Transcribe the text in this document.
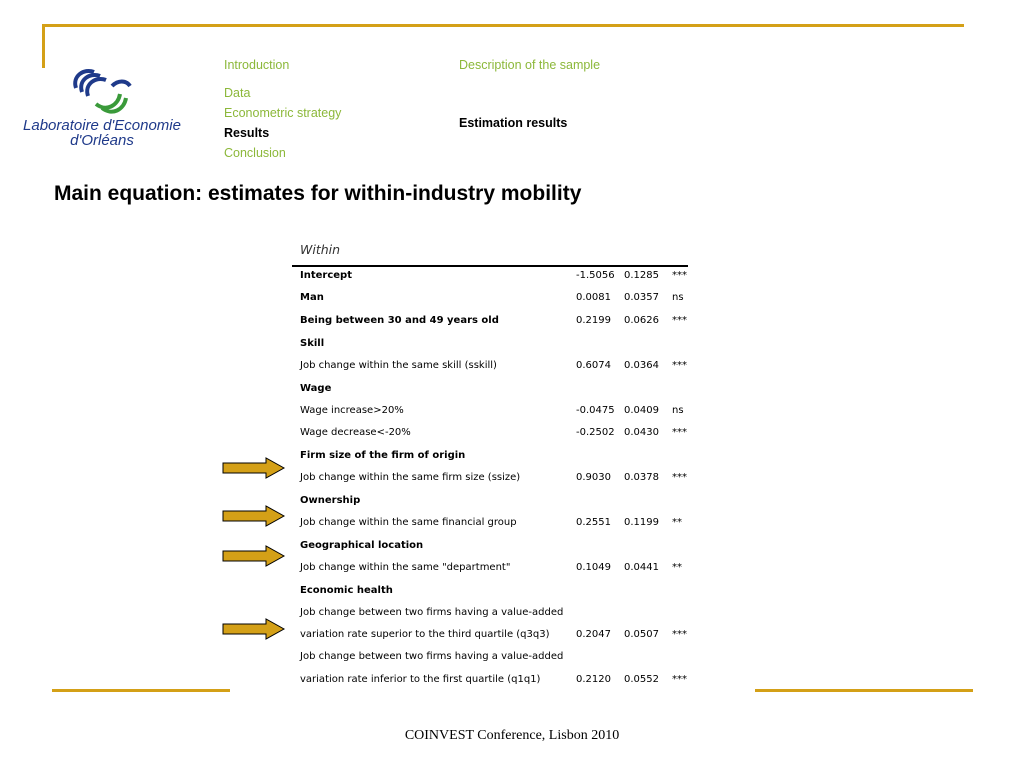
Laboratoire d'Economie
d'Orléans
Introduction	Description of the sample
Data
Econometric strategy
Results
Conclusion
Estimation results
Main equation: estimates for within-industry mobility
Within
Intercept	-1.5056 0.1285	***
Man	0.0081	0.0357	ns
Being between 30 and 49 years old	0.2199	0.0626	***
Skill
Job change within the same skill (sskill)	0.6074	0.0364	***
Wage
Wage increase>20%	-0.0475 0.0409	ns
Wage decrease<-20%	-0.2502 0.0430	***
Firm size of the firm of origin
Job change within the same firm size (ssize)	0.9030	0.0378	***
Ownership
Job change within the same financial group	0.2551	0.1199	**
Geographical location
Job change within the same "department"	0.1049	0.0441	**
Economic health
Job change between two firms having a value-added
variation rate superior to the third quartile (q3q3)	0.2047	0.0507	***
Job change between two firms having a value-added
variation rate inferior to the first quartile (q1q1)	0.2120	0.0552	***
COINVEST Conference, Lisbon 2010
